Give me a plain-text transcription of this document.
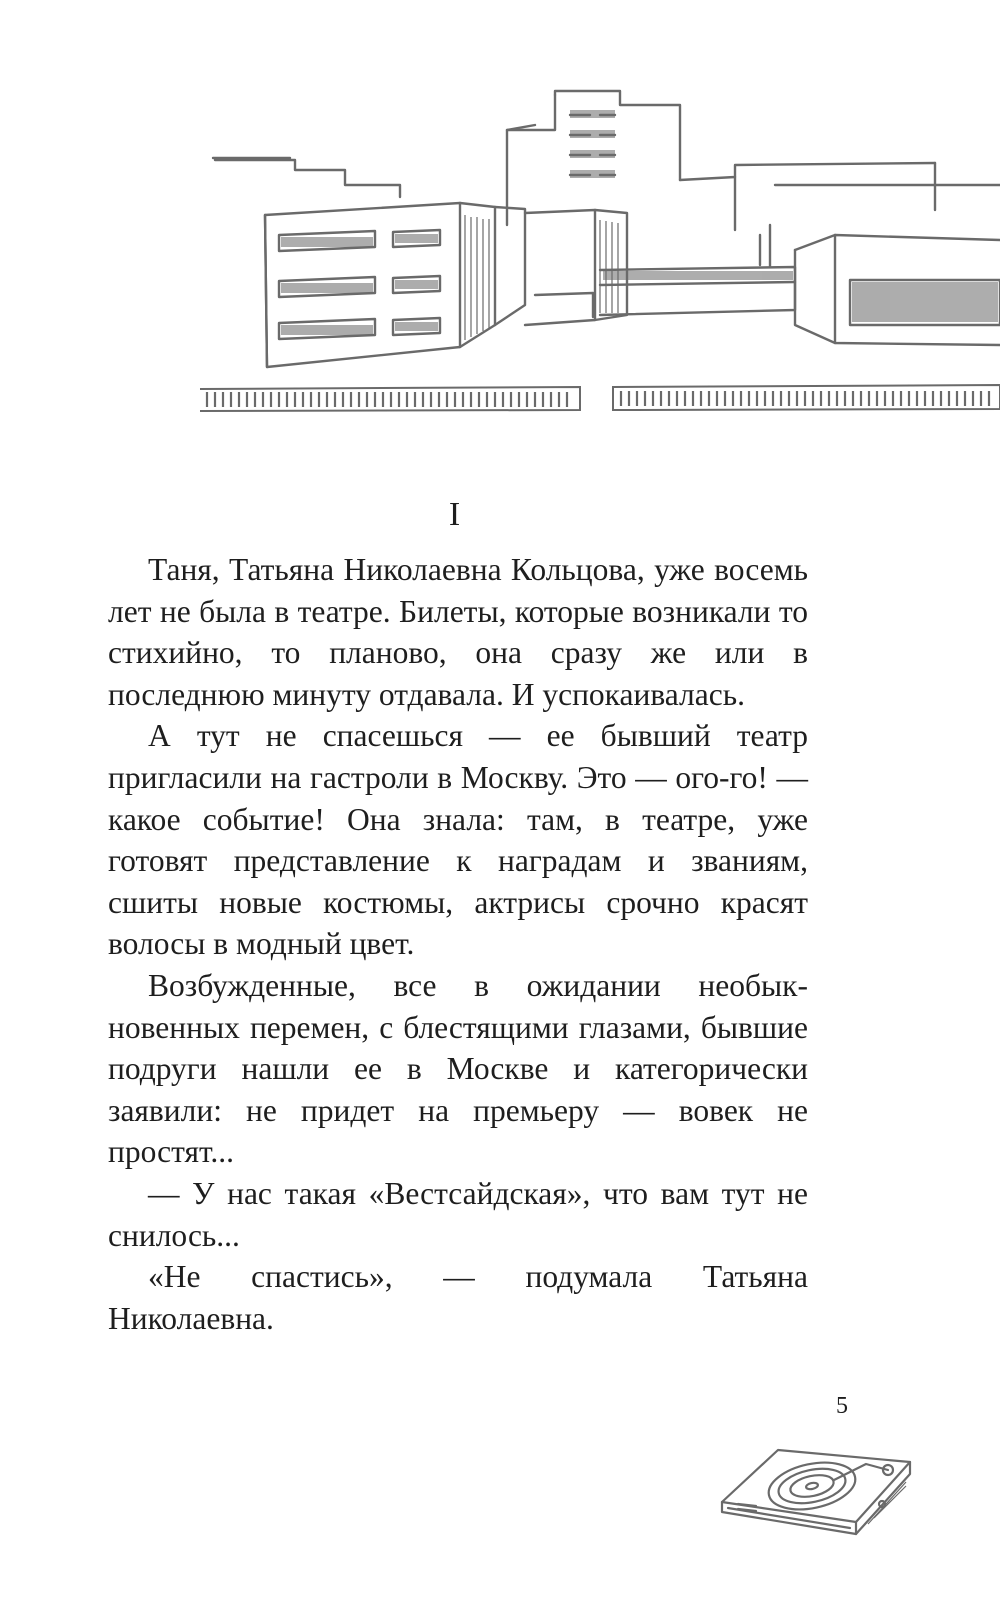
I

Таня, Татьяна Николаевна Кольцова, уже восемь лет не была в театре. Билеты, которые возникали то стихийно, то планово, она сразу же или в последнюю минуту отдавала. И успокаивалась.

А тут не спасешься — ее бывший театр пригласили на гастроли в Москву. Это — ого-го! — какое событие! Она знала: там, в театре, уже готовят представление к наградам и званиям, сшиты новые костюмы, актрисы срочно красят волосы в модный цвет.

Возбужденные, все в ожидании необыкновенных перемен, с блестящими глазами, бывшие подруги нашли ее в Москве и категорически заявили: не придет на премьеру — вовек не простят...

— У нас такая «Вестсайдская», что вам тут не снилось...

«Не спастись», — подумала Татьяна Николаевна.

5
